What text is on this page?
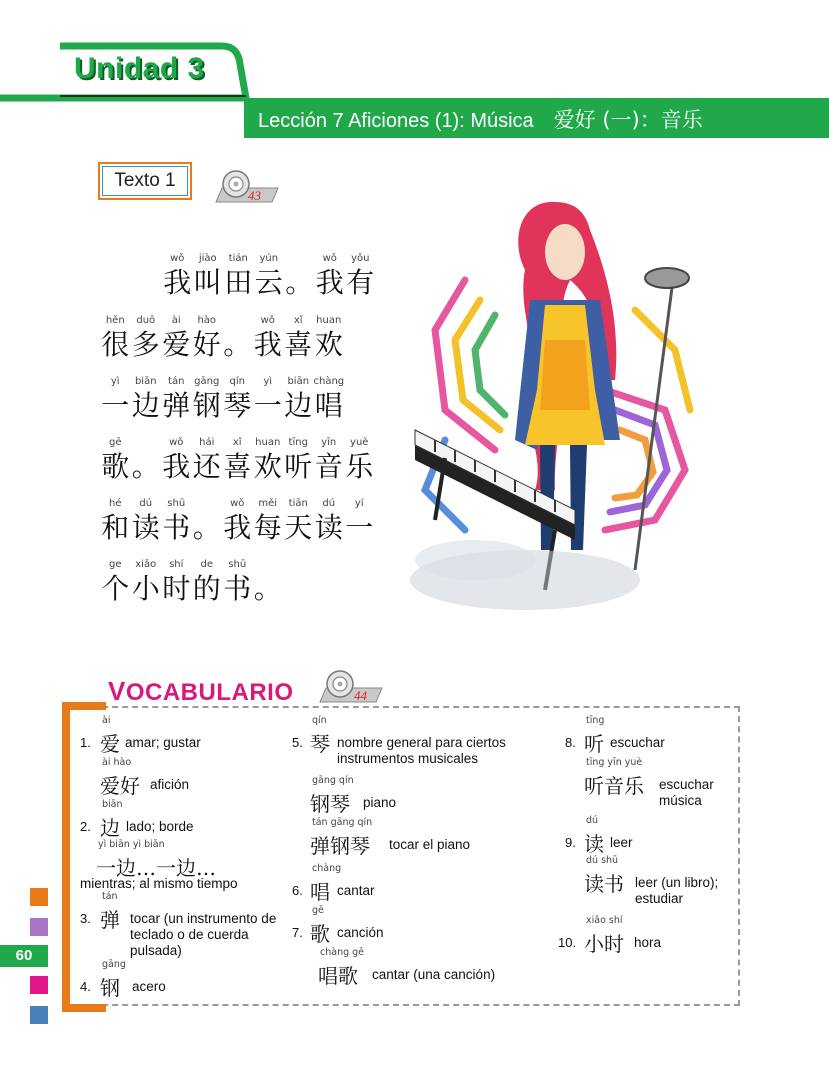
Unidad 3
Lección 7 Aficiones (1): Música 爱好 (一)：音乐
Texto 1
43
wǒ
我
jiào
叫
tián
田
yún
云 。
wǒ
我
yǒu
有
hěn
很
duō
多
ài
爱
hào
好 。
wǒ
我
xǐ
喜
huan
欢
yì
一
biān
边
tán
弹
gāng
钢
qín
琴
yì
一
biān
边
chàng
唱
gē
歌 。
wǒ
我
hái
还
xǐ
喜
huan
欢
tīng
听
yīn
音
yuè
乐
hé
和
dú
读
shū
书 。
wǒ
我
měi
每
tiān
天
dú
读
yí
一
ge
个
xiǎo
小
shí
时
de
的
shū
书 。
VOCABULARIO	44
1.
ài
爱 amar; gustar
ài hào
爱好 afición
2.
biān
边 lado; borde
yì biān yì biān
一边…一边…
mientras; al mismo tiempo
3.
tán
弹 tocar (un instrumento de teclado o de cuerda pulsada)
4.
gāng
钢 acero
5.
qín
琴 nombre general para ciertos instrumentos musicales
gāng qín
钢琴 piano
tán gāng qín
弹钢琴 tocar el piano
6.
chàng
唱 cantar
7.
gē
歌 canción
chàng gē
唱歌 cantar (una canción)
8.
tīng
听 escuchar
tīng yīn yuè
听音乐 escuchar música
9.
dú
读 leer
dú shū
读书 leer (un libro); estudiar
10.
xiǎo shí
小时 hora
60
